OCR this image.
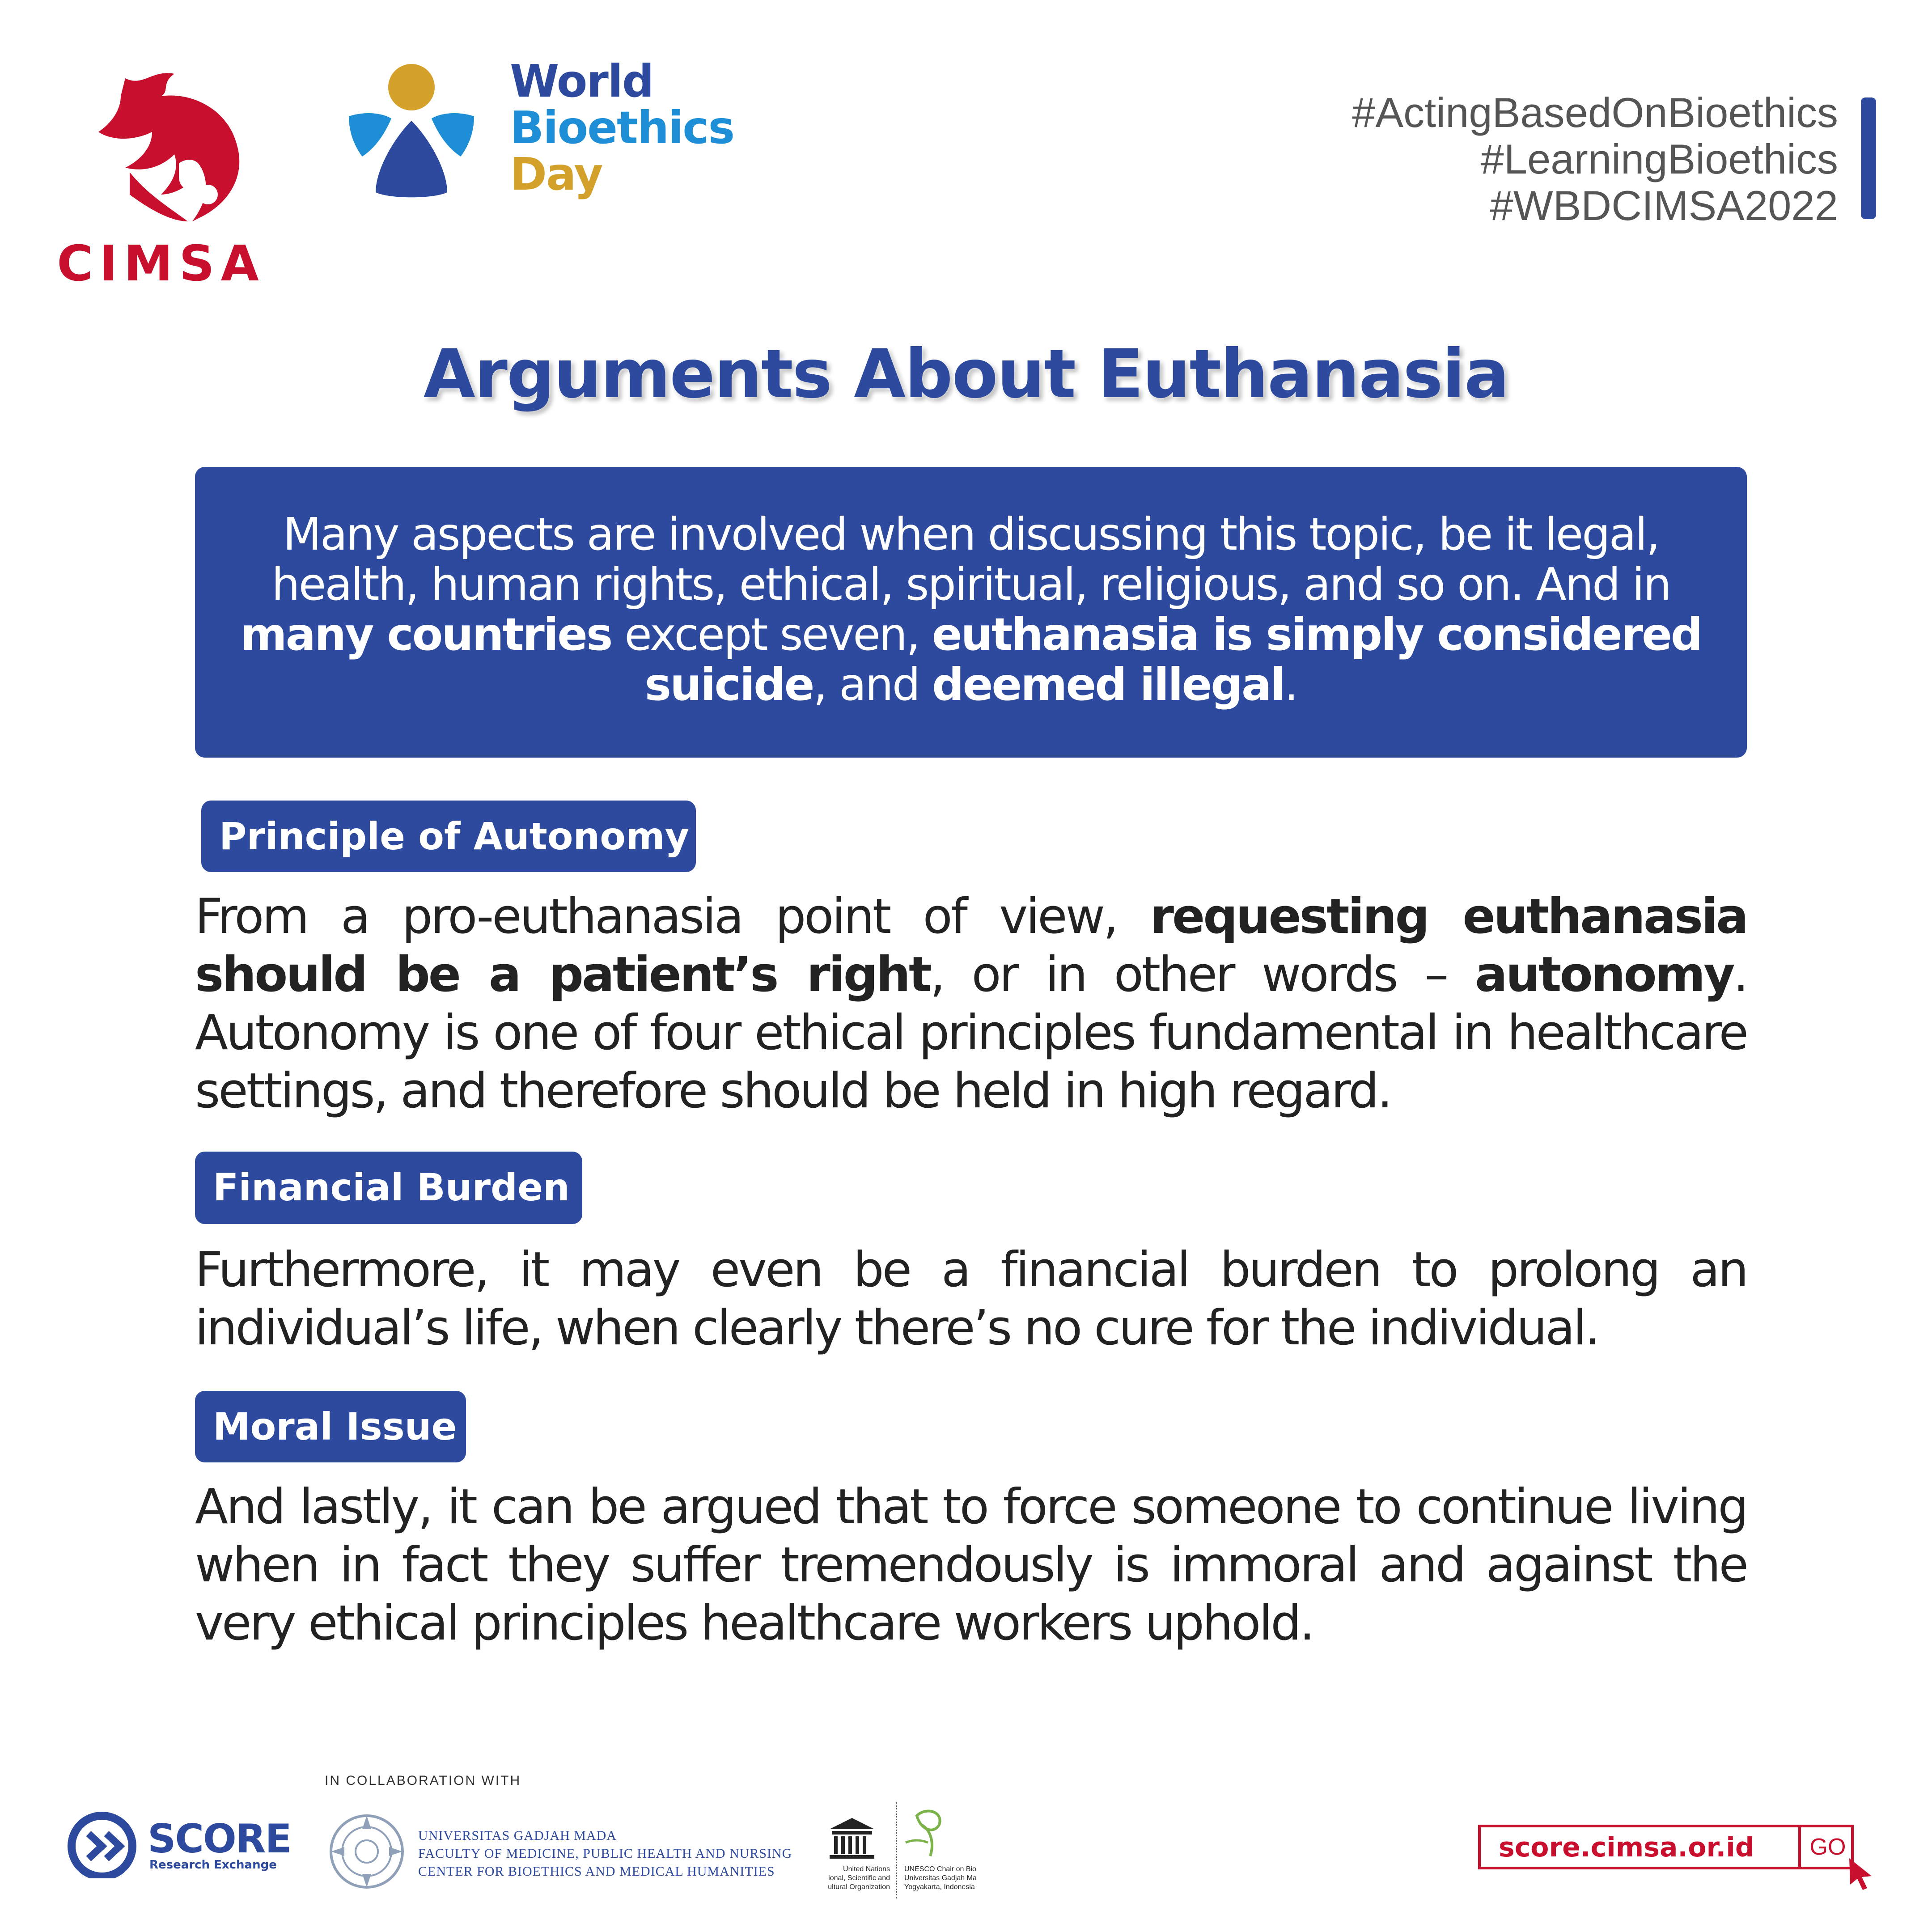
CIMSA
World
Bioethics
Day
#ActingBasedOnBioethics
#LearningBioethics
#WBDCIMSA2022
Arguments About Euthanasia
Many aspects are involved when discussing this topic, be it legal, health, human rights, ethical, spiritual, religious, and so on. And in many countries except seven, euthanasia is simply considered suicide, and deemed illegal.
Principle of Autonomy
From a pro-euthanasia point of view, requesting euthanasia should be a patient’s right, or in other words – autonomy. Autonomy is one of four ethical principles fundamental in healthcare settings, and therefore should be held in high regard.
Financial Burden
Furthermore, it may even be a financial burden to prolong an individual’s life, when clearly there’s no cure for the individual.
Moral Issue
And lastly, it can be argued that to force someone to continue living when in fact they suffer tremendously is immoral and against the very ethical principles healthcare workers uphold.
IN COLLABORATION WITH
SCORE
Research Exchange
UNIVERSITAS GADJAH MADA
FACULTY OF MEDICINE, PUBLIC HEALTH AND NURSING
CENTER FOR BIOETHICS AND MEDICAL HUMANITIES	United Nations
ional, Scientific and
ultural Organization
UNESCO Chair on Bio
Universitas Gadjah Ma
Yogyakarta, Indonesia
score.cimsa.or.id GO
